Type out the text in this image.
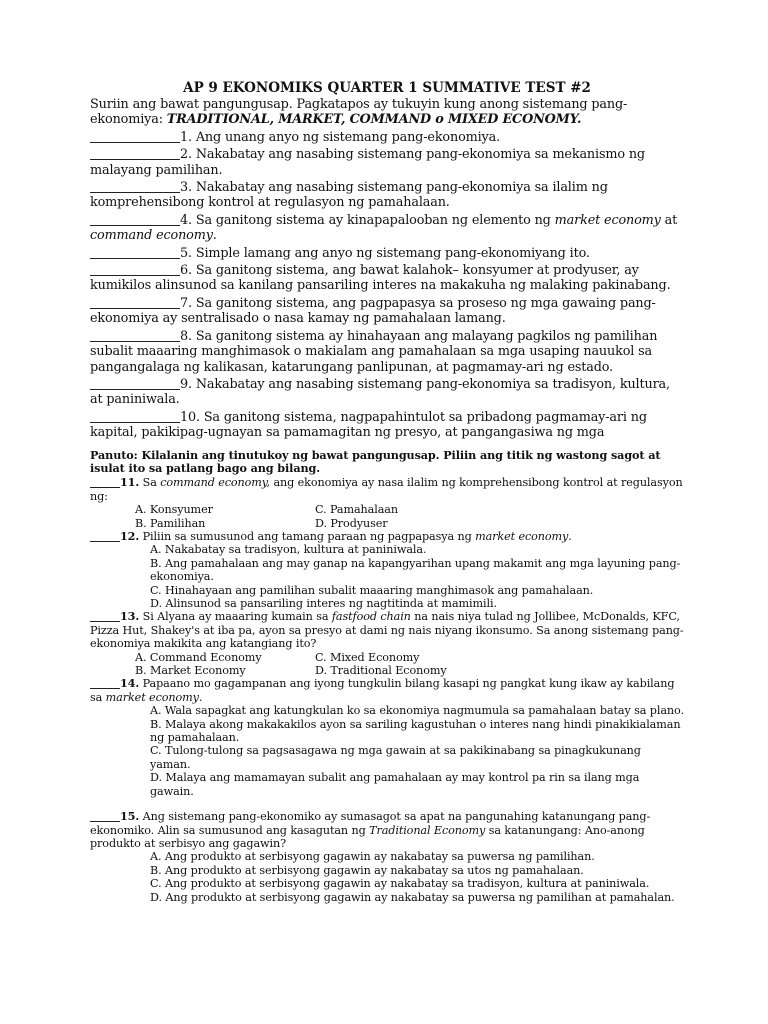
AP 9 EKONOMIKS QUARTER 1 SUMMATIVE TEST #2

Suriin ang bawat pangungusap. Pagkatapos ay tukuyin kung anong sistemang pang- ekonomiya: TRADITIONAL, MARKET, COMMAND o MIXED ECONOMY.

1. Ang unang anyo ng sistemang pang-ekonomiya.

2. Nakabatay ang nasabing sistemang pang-ekonomiya sa mekanismo ng malayang pamilihan.

3. Nakabatay ang nasabing sistemang pang-ekonomiya sa ilalim ng komprehensibong kontrol at regulasyon ng pamahalaan.

4. Sa ganitong sistema ay kinapapalooban ng elemento ng market economy at command economy.

5. Simple lamang ang anyo ng sistemang pang-ekonomiyang ito.

6. Sa ganitong sistema, ang bawat kalahok– konsyumer at prodyuser, ay kumikilos alinsunod sa kanilang pansariling interes na makakuha ng malaking pakinabang.

7. Sa ganitong sistema, ang pagpapasya sa proseso ng mga gawaing pang-ekonomiya ay sentralisado o nasa kamay ng pamahalaan lamang.

8. Sa ganitong sistema ay hinahayaan ang malayang pagkilos ng pamilihan subalit maaaring manghimasok o makialam ang pamahalaan sa mga usaping nauukol sa pangangalaga ng kalikasan, katarungang panlipunan, at pagmamay-ari ng estado.

9. Nakabatay ang nasabing sistemang pang-ekonomiya sa tradisyon, kultura, at paniniwala.

10. Sa ganitong sistema, nagpapahintulot sa pribadong pagmamay-ari ng kapital, pakikipag-ugnayan sa pamamagitan ng presyo, at pangangasiwa ng mga

Panuto: Kilalanin ang tinutukoy ng bawat pangungusap. Piliin ang titik ng wastong sagot at isulat ito sa patlang bago ang bilang.

11. Sa command economy, ang ekonomiya ay nasa ilalim ng komprehensibong kontrol at regulasyon ng:
A. Konsyumer	C. Pamahalaan
B. Pamilihan	D. Prodyuser
12. Piliin sa sumusunod ang tamang paraan ng pagpapasya ng market economy.
A. Nakabatay sa tradisyon, kultura at paniniwala.
B. Ang pamahalaan ang may ganap na kapangyarihan upang makamit ang mga layuning pang-ekonomiya.
C. Hinahayaan ang pamilihan subalit maaaring manghimasok ang pamahalaan.
D. Alinsunod sa pansariling interes ng nagtitinda at mamimili.
13. Si Alyana ay maaaring kumain sa fastfood chain na nais niya tulad ng Jollibee, McDonalds, KFC, Pizza Hut, Shakey's at iba pa, ayon sa presyo at dami ng nais niyang ikonsumo. Sa anong sistemang pang-ekonomiya makikita ang katangiang ito?
A. Command Economy	C. Mixed Economy
B. Market Economy	D. Traditional Economy
14. Papaano mo gagampanan ang iyong tungkulin bilang kasapi ng pangkat kung ikaw ay kabilang sa market economy.
A. Wala sapagkat ang katungkulan ko sa ekonomiya nagmumula sa pamahalaan batay sa plano.
B. Malaya akong makakakilos ayon sa sariling kagustuhan o interes nang hindi pinakikialaman ng pamahalaan.
C. Tulong-tulong sa pagsasagawa ng mga gawain at sa pakikinabang sa pinagkukunang yaman.
D. Malaya ang mamamayan subalit ang pamahalaan ay may kontrol pa rin sa ilang mga gawain.
15. Ang sistemang pang-ekonomiko ay sumasagot sa apat na pangunahing katanungang pang-ekonomiko. Alin sa sumusunod ang kasagutan ng Traditional Economy sa katanungang: Ano-anong produkto at serbisyo ang gagawin?
A. Ang produkto at serbisyong gagawin ay nakabatay sa puwersa ng pamilihan.
B. Ang produkto at serbisyong gagawin ay nakabatay sa utos ng pamahalaan.
C. Ang produkto at serbisyong gagawin ay nakabatay sa tradisyon, kultura at paniniwala.
D. Ang produkto at serbisyong gagawin ay nakabatay sa puwersa ng pamilihan at pamahalan.
